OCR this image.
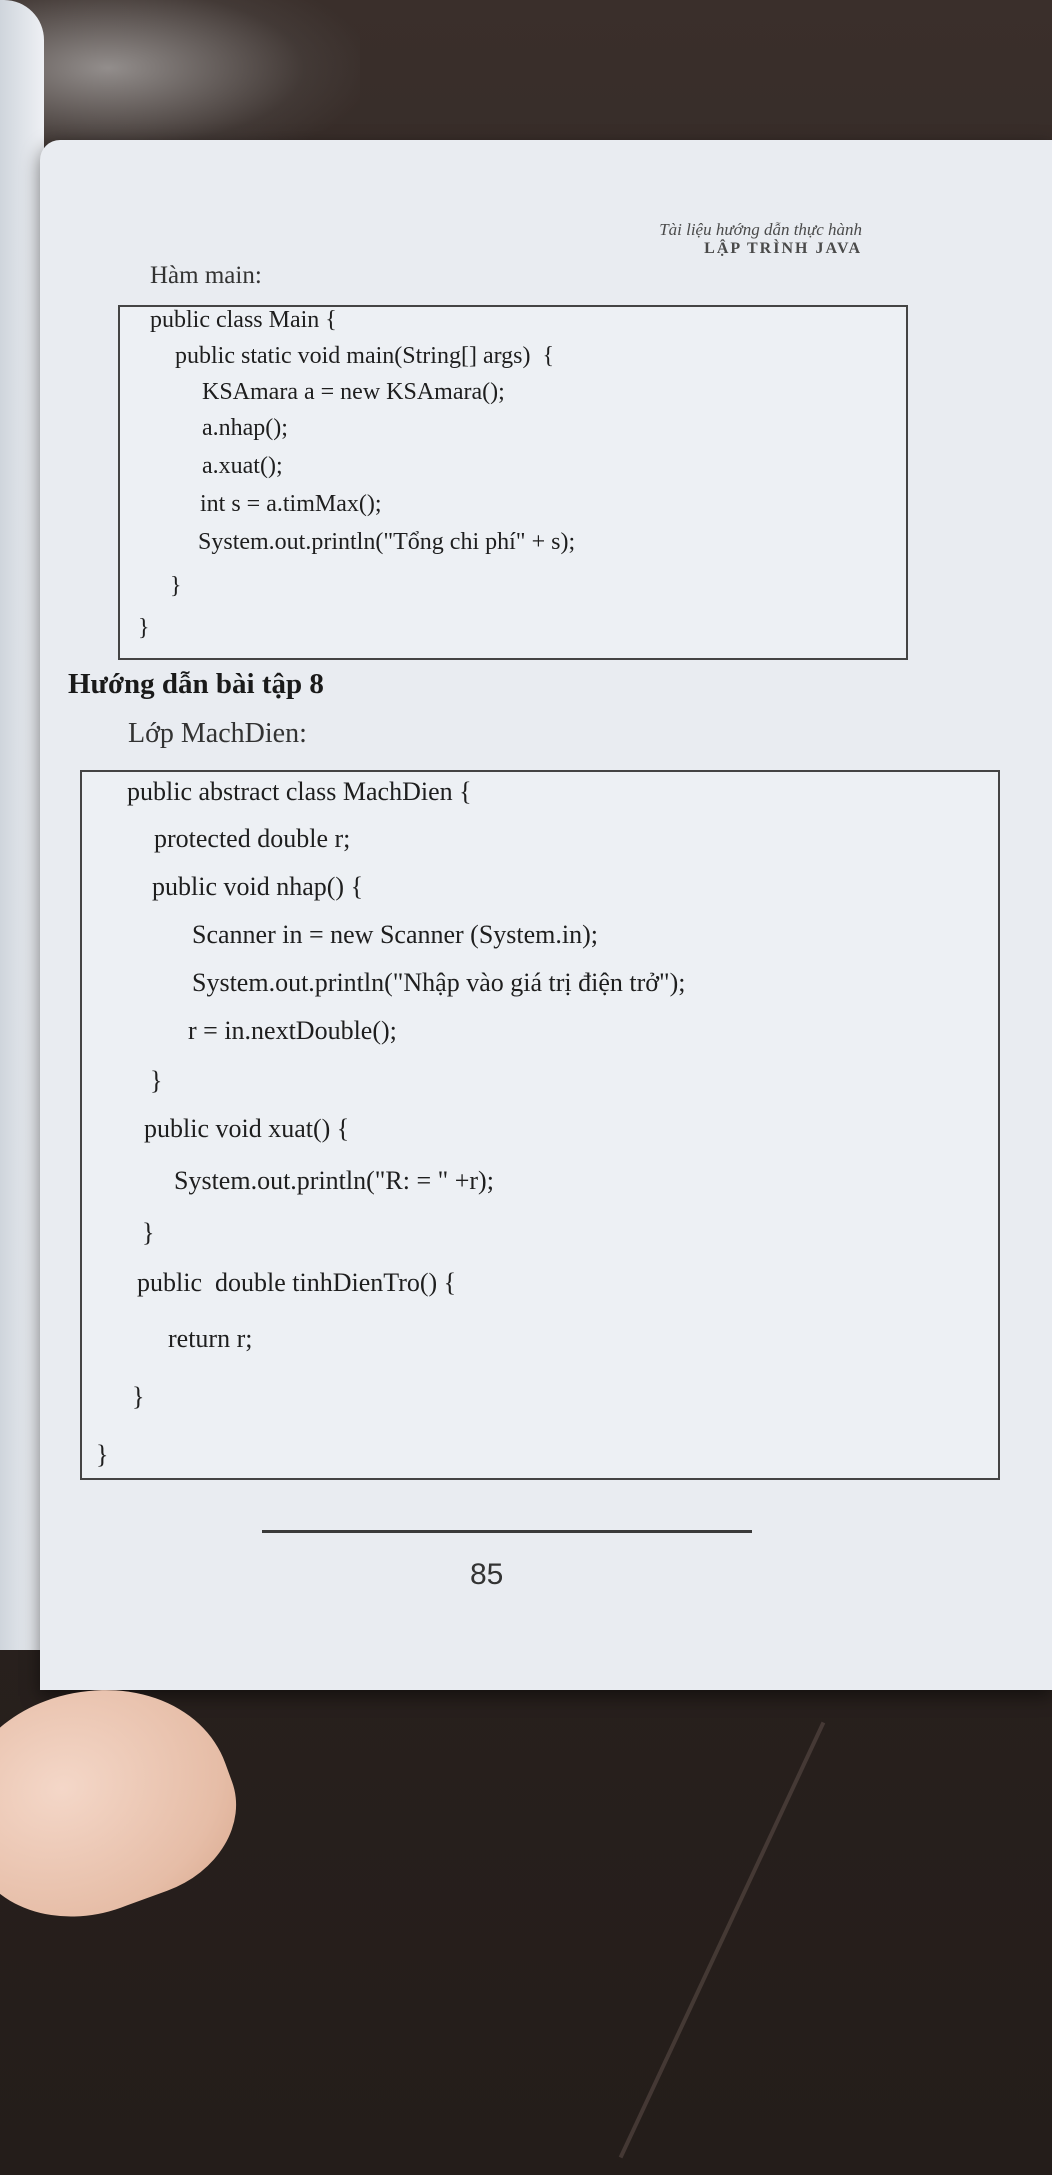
Tài liệu hướng dẫn thực hành
LẬP TRÌNH JAVA
Hàm main:
public class Main {
public static void main(String[] args)  {
KSAmara a = new KSAmara();
a.nhap();
a.xuat();
int s = a.timMax();
System.out.println("Tổng chi phí" + s);
}
}
Hướng dẫn bài tập 8
Lớp MachDien:
public abstract class MachDien {
protected double r;
public void nhap() {
Scanner in = new Scanner (System.in);
System.out.println("Nhập vào giá trị điện trở");
r = in.nextDouble();
}
public void xuat() {
System.out.println("R: = " +r);
}
public  double tinhDienTro() {
return r;
}
}
85
